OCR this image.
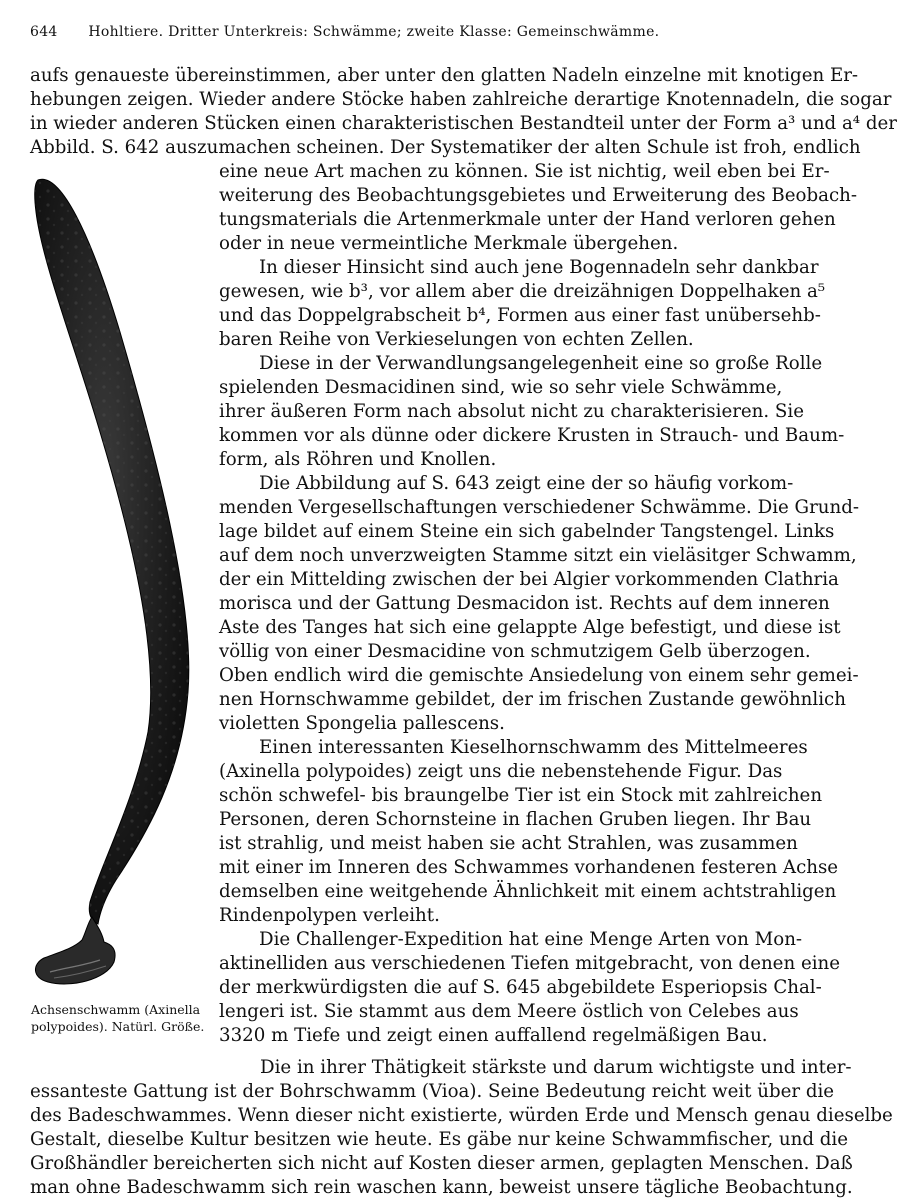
644 Hohltiere. Dritter Unterkreis: Schwämme; zweite Klasse: Gemeinschwämme.
aufs genaueste übereinstimmen, aber unter den glatten Nadeln einzelne mit knotigen Er-
hebungen zeigen. Wieder andere Stöcke haben zahlreiche derartige Knotennadeln, die sogar
in wieder anderen Stücken einen charakteristischen Bestandteil unter der Form a³ und a⁴ der
Abbild. S. 642 auszumachen scheinen. Der Systematiker der alten Schule ist froh, endlich
eine neue Art machen zu können. Sie ist nichtig, weil eben bei Er-
weiterung des Beobachtungsgebietes und Erweiterung des Beobach-
tungsmaterials die Artenmerkmale unter der Hand verloren gehen
oder in neue vermeintliche Merkmale übergehen.
In dieser Hinsicht sind auch jene Bogennadeln sehr dankbar
gewesen, wie b³, vor allem aber die dreizähnigen Doppelhaken a⁵
und das Doppelgrabscheit b⁴, Formen aus einer fast unübersehb-
baren Reihe von Verkieselungen von echten Zellen.
Diese in der Verwandlungsangelegenheit eine so große Rolle
spielenden Desmacidinen sind, wie so sehr viele Schwämme,
ihrer äußeren Form nach absolut nicht zu charakterisieren. Sie
kommen vor als dünne oder dickere Krusten in Strauch- und Baum-
form, als Röhren und Knollen.
Die Abbildung auf S. 643 zeigt eine der so häufig vorkom-
menden Vergesellschaftungen verschiedener Schwämme. Die Grund-
lage bildet auf einem Steine ein sich gabelnder Tangstengel. Links
auf dem noch unverzweigten Stamme sitzt ein vieläsitger Schwamm,
der ein Mittelding zwischen der bei Algier vorkommenden Clathria
morisca und der Gattung Desmacidon ist. Rechts auf dem inneren
Aste des Tanges hat sich eine gelappte Alge befestigt, und diese ist
völlig von einer Desmacidine von schmutzigem Gelb überzogen.
Oben endlich wird die gemischte Ansiedelung von einem sehr gemei-
nen Hornschwamme gebildet, der im frischen Zustande gewöhnlich
violetten Spongelia pallescens.
Einen interessanten Kieselhornschwamm des Mittelmeeres
(Axinella polypoides) zeigt uns die nebenstehende Figur. Das
schön schwefel- bis braungelbe Tier ist ein Stock mit zahlreichen
Personen, deren Schornsteine in flachen Gruben liegen. Ihr Bau
ist strahlig, und meist haben sie acht Strahlen, was zusammen
mit einer im Inneren des Schwammes vorhandenen festeren Achse
demselben eine weitgehende Ähnlichkeit mit einem achtstrahligen
Rindenpolypen verleiht.
Die Challenger-Expedition hat eine Menge Arten von Mon-
aktinelliden aus verschiedenen Tiefen mitgebracht, von denen eine
der merkwürdigsten die auf S. 645 abgebildete Esperiopsis Chal-
lengeri ist. Sie stammt aus dem Meere östlich von Celebes aus
3320 m Tiefe und zeigt einen auffallend regelmäßigen Bau.
Die in ihrer Thätigkeit stärkste und darum wichtigste und inter-
essanteste Gattung ist der Bohrschwamm (Vioa). Seine Bedeutung reicht weit über die
des Badeschwammes. Wenn dieser nicht existierte, würden Erde und Mensch genau dieselbe
Gestalt, dieselbe Kultur besitzen wie heute. Es gäbe nur keine Schwammfischer, und die
Großhändler bereicherten sich nicht auf Kosten dieser armen, geplagten Menschen. Daß
man ohne Badeschwamm sich rein waschen kann, beweist unsere tägliche Beobachtung.
Achsenschwamm (Axinella
polypoides). Natürl. Größe.
